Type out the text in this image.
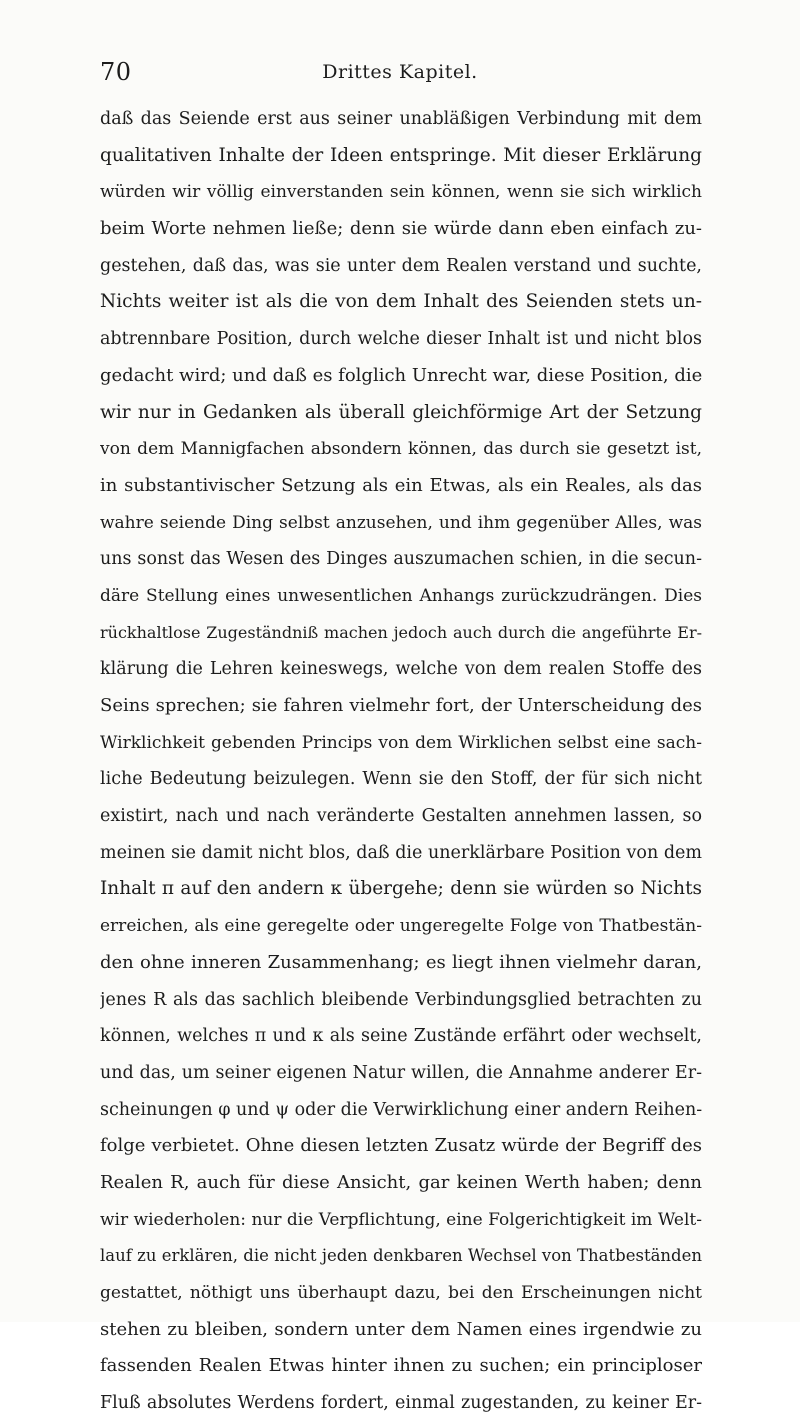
70	Drittes Kapitel.
daß das Seiende erst aus seiner unabläßigen Verbindung mit dem
qualitativen Inhalte der Ideen entspringe. Mit dieser Erklärung
würden wir völlig einverstanden sein können, wenn sie sich wirklich
beim Worte nehmen ließe; denn sie würde dann eben einfach zu-
gestehen, daß das, was sie unter dem Realen verstand und suchte,
Nichts weiter ist als die von dem Inhalt des Seienden stets un-
abtrennbare Position, durch welche dieser Inhalt ist und nicht blos
gedacht wird; und daß es folglich Unrecht war, diese Position, die
wir nur in Gedanken als überall gleichförmige Art der Setzung
von dem Mannigfachen absondern können, das durch sie gesetzt ist,
in substantivischer Setzung als ein Etwas, als ein Reales, als das
wahre seiende Ding selbst anzusehen, und ihm gegenüber Alles, was
uns sonst das Wesen des Dinges auszumachen schien, in die secun-
däre Stellung eines unwesentlichen Anhangs zurückzudrängen. Dies
rückhaltlose Zugeständniß machen jedoch auch durch die angeführte Er-
klärung die Lehren keineswegs, welche von dem realen Stoffe des
Seins sprechen; sie fahren vielmehr fort, der Unterscheidung des
Wirklichkeit gebenden Princips von dem Wirklichen selbst eine sach-
liche Bedeutung beizulegen. Wenn sie den Stoff, der für sich nicht
existirt, nach und nach veränderte Gestalten annehmen lassen, so
meinen sie damit nicht blos, daß die unerklärbare Position von dem
Inhalt π auf den andern κ übergehe; denn sie würden so Nichts
erreichen, als eine geregelte oder ungeregelte Folge von Thatbestän-
den ohne inneren Zusammenhang; es liegt ihnen vielmehr daran,
jenes R als das sachlich bleibende Verbindungsglied betrachten zu
können, welches π und κ als seine Zustände erfährt oder wechselt,
und das, um seiner eigenen Natur willen, die Annahme anderer Er-
scheinungen φ und ψ oder die Verwirklichung einer andern Reihen-
folge verbietet. Ohne diesen letzten Zusatz würde der Begriff des
Realen R, auch für diese Ansicht, gar keinen Werth haben; denn
wir wiederholen: nur die Verpflichtung, eine Folgerichtigkeit im Welt-
lauf zu erklären, die nicht jeden denkbaren Wechsel von Thatbeständen
gestattet, nöthigt uns überhaupt dazu, bei den Erscheinungen nicht
stehen zu bleiben, sondern unter dem Namen eines irgendwie zu
fassenden Realen Etwas hinter ihnen zu suchen; ein principloser
Fluß absolutes Werdens fordert, einmal zugestanden, zu keiner Er-
